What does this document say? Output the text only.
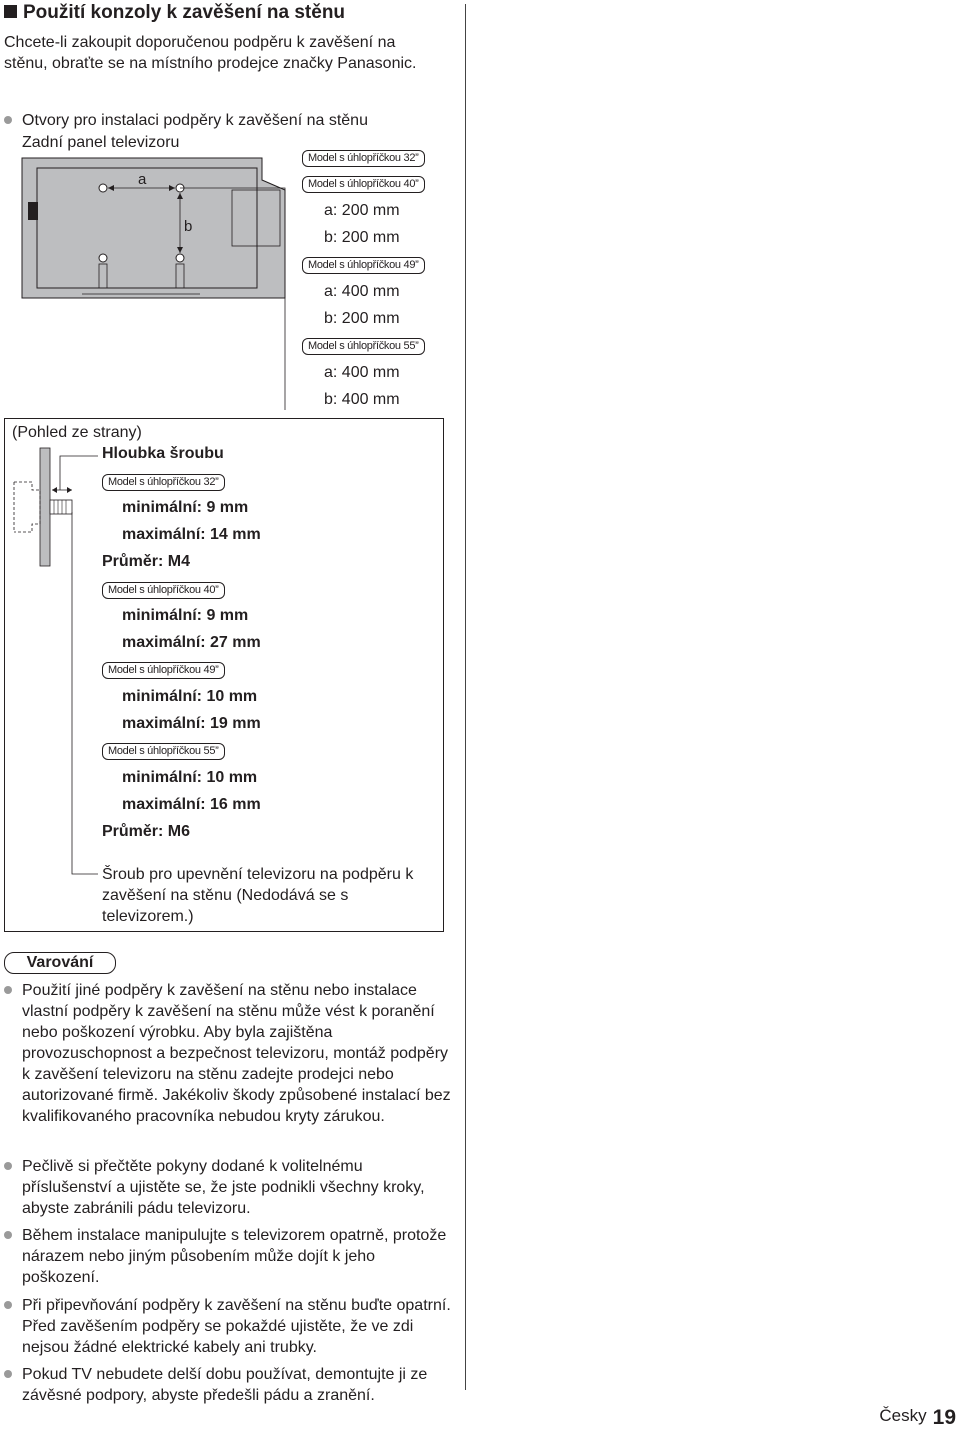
Použití konzoly k zavěšení na stěnu
Chcete-li zakoupit doporučenou podpěru k zavěšení na stěnu, obraťte se na místního prodejce značky Panasonic.
Otvory pro instalaci podpěry k zavěšení na stěnu
Zadní panel televizoru
a
b
Model s úhlopříčkou 32”
Model s úhlopříčkou 40”
a: 200 mm
b: 200 mm
Model s úhlopříčkou 49”
a: 400 mm
b: 200 mm
Model s úhlopříčkou 55”
a: 400 mm
b: 400 mm
(Pohled ze strany)
Hloubka šroubu
Model s úhlopříčkou 32”
minimální: 9 mm
maximální: 14 mm
Průměr: M4
Model s úhlopříčkou 40”
minimální: 9 mm
maximální: 27 mm
Model s úhlopříčkou 49”
minimální: 10 mm
maximální: 19 mm
Model s úhlopříčkou 55”
minimální: 10 mm
maximální: 16 mm
Průměr: M6
Šroub pro upevnění televizoru na podpěru k zavěšení na stěnu (Nedodává se s televizorem.)
Varování
Použití jiné podpěry k zavěšení na stěnu nebo instalace vlastní podpěry k zavěšení na stěnu může vést k poranění nebo poškození výrobku. Aby byla zajištěna provozuschopnost a bezpečnost televizoru, montáž podpěry k zavěšení televizoru na stěnu zadejte prodejci nebo autorizované firmě. Jakékoliv škody způsobené instalací bez kvalifikovaného pracovníka nebudou kryty zárukou.
Pečlivě si přečtěte pokyny dodané k volitelnému příslušenství a ujistěte se, že jste podnikli všechny kroky, abyste zabránili pádu televizoru.
Během instalace manipulujte s televizorem opatrně, protože nárazem nebo jiným působením může dojít k jeho poškození.
Při připevňování podpěry k zavěšení na stěnu buďte opatrní. Před zavěšením podpěry se pokaždé ujistěte, že ve zdi nejsou žádné elektrické kabely ani trubky.
Pokud TV nebudete delší dobu používat, demontujte ji ze závěsné podpory, abyste předešli pádu a zranění.
Česky 19
